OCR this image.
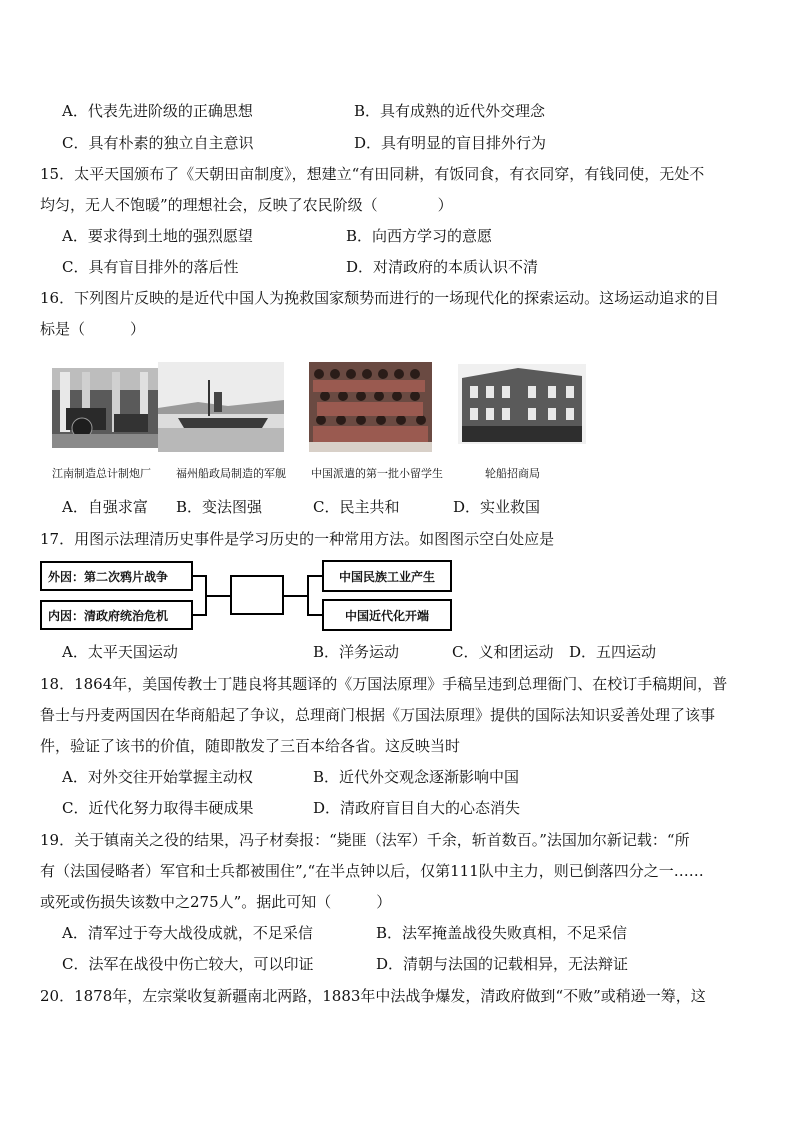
A．代表先进阶级的正确思想	B．具有成熟的近代外交理念
C．具有朴素的独立自主意识	D．具有明显的盲目排外行为
15．太平天国颁布了《天朝田亩制度》，想建立“有田同耕，有饭同食，有衣同穿，有钱同使，无处不
均匀，无人不饱暖”的理想社会，反映了农民阶级（　　　　）
A．要求得到土地的强烈愿望	B．向西方学习的意愿
C．具有盲目排外的落后性	D．对清政府的本质认识不清
16．下列图片反映的是近代中国人为挽救国家颓势而进行的一场现代化的探索运动。这场运动追求的目
标是（　　　）
江南制造总计制炮厂 福州船政局制造的军舰 中国派遣的第一批小留学生	轮船招商局
A．自强求富 B．变法图强	C．民主共和	D．实业救国
17．用图示法理清历史事件是学习历史的一种常用方法。如图图示空白处应是
外因：第二次鸦片战争
内因：清政府统治危机
中国民族工业产生
中国近代化开端
A．太平天国运动	B．洋务运动	C．义和团运动 D．五四运动
18．1864年，美国传教士丁韪良将其题译的《万国法原理》手稿呈违到总理衙门、在校订手稿期间，普
鲁士与丹麦两国因在华商船起了争议，总理商门根据《万国法原理》提供的国际法知识妥善处理了该事
件，验证了该书的价值，随即散发了三百本给各省。这反映当时
A．对外交往开始掌握主动权	B．近代外交观念逐渐影响中国
C．近代化努力取得丰硬成果	D．清政府盲目自大的心态消失
19．关于镇南关之役的结果，冯子材奏报：“毙匪（法军）千余，斩首数百。”法国加尔新记载：“所
有（法国侵略者）军官和士兵都被围住”,“在半点钟以后，仅第111队中主力，则已倒落四分之一……
或死或伤损失该数中之275人”。据此可知（　　　）
A．清军过于夸大战役成就，不足采信	B．法军掩盖战役失败真相，不足采信
C．法军在战役中伤亡较大，可以印证	D．清朝与法国的记载相异，无法辩证
20．1878年，左宗棠收复新疆南北两路，1883年中法战争爆发，清政府做到“不败”或稍逊一筹，这
